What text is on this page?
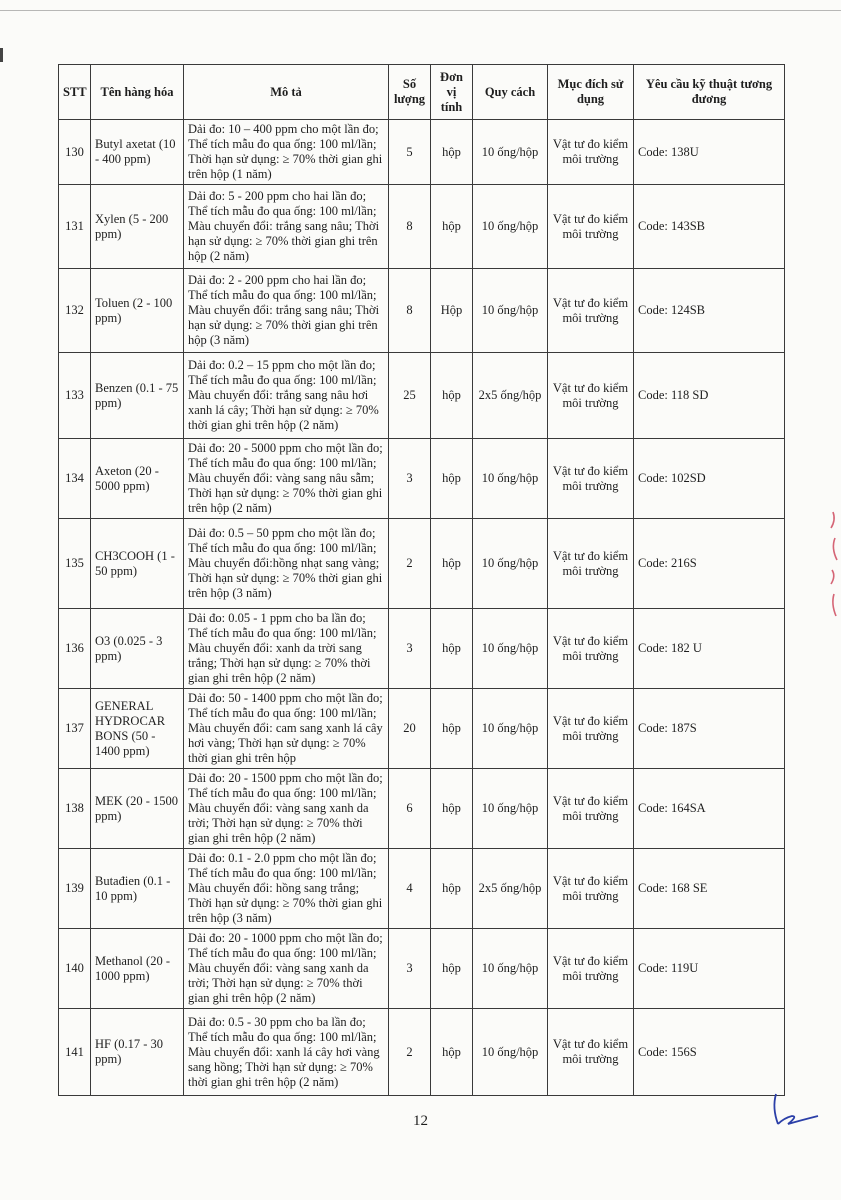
STT	Tên hàng hóa	Mô tả	Số lượng	Đơn vị tính	Quy cách	Mục đích sử dụng	Yêu cầu kỹ thuật tương đương
130	Butyl axetat (10 - 400 ppm)	Dải đo: 10 – 400 ppm cho một lần đo; Thể tích mẫu đo qua ống: 100 ml/lần; Thời hạn sử dụng: ≥ 70% thời gian ghi trên hộp (1 năm)	5	hộp	10 ống/hộp	Vật tư đo kiểm môi trường	Code: 138U
131	Xylen (5 - 200 ppm)	Dải đo: 5 - 200 ppm cho hai lần đo; Thể tích mẫu đo qua ống: 100 ml/lần; Màu chuyển đổi: trắng sang nâu; Thời hạn sử dụng: ≥ 70% thời gian ghi trên hộp (2 năm)	8	hộp	10 ống/hộp	Vật tư đo kiểm môi trường	Code: 143SB
132	Toluen (2 - 100 ppm)	Dải đo: 2 - 200 ppm cho hai lần đo; Thể tích mẫu đo qua ống: 100 ml/lần; Màu chuyển đổi: trắng sang nâu; Thời hạn sử dụng: ≥ 70% thời gian ghi trên hộp (3 năm)	8	Hộp	10 ống/hộp	Vật tư đo kiểm môi trường	Code: 124SB
133	Benzen (0.1 - 75 ppm)	Dải đo: 0.2 – 15 ppm cho một lần đo; Thể tích mẫu đo qua ống: 100 ml/lần; Màu chuyển đổi: trắng sang nâu hơi xanh lá cây; Thời hạn sử dụng: ≥ 70% thời gian ghi trên hộp (2 năm)	25	hộp	2x5 ống/hộp	Vật tư đo kiểm môi trường	Code: 118 SD
134	Axeton (20 - 5000 ppm)	Dải đo: 20 - 5000 ppm cho một lần đo; Thể tích mẫu đo qua ống: 100 ml/lần; Màu chuyển đổi: vàng sang nâu sẫm; Thời hạn sử dụng: ≥ 70% thời gian ghi trên hộp (2 năm)	3	hộp	10 ống/hộp	Vật tư đo kiểm môi trường	Code: 102SD
135	CH3COOH (1 - 50 ppm)	Dải đo: 0.5 – 50 ppm cho một lần đo; Thể tích mẫu đo qua ống: 100 ml/lần; Màu chuyển đổi:hồng nhạt sang vàng; Thời hạn sử dụng: ≥ 70% thời gian ghi trên hộp (3 năm)	2	hộp	10 ống/hộp	Vật tư đo kiểm môi trường	Code: 216S
136	O3 (0.025 - 3 ppm)	Dải đo: 0.05 - 1 ppm cho ba lần đo; Thể tích mẫu đo qua ống: 100 ml/lần; Màu chuyển đổi: xanh da trời sang trắng; Thời hạn sử dụng: ≥ 70% thời gian ghi trên hộp (2 năm)	3	hộp	10 ống/hộp	Vật tư đo kiểm môi trường	Code: 182 U
137	GENERAL HYDROCAR BONS (50 - 1400 ppm)	Dải đo: 50 - 1400 ppm cho một lần đo; Thể tích mẫu đo qua ống: 100 ml/lần; Màu chuyển đổi: cam sang xanh lá cây hơi vàng; Thời hạn sử dụng: ≥ 70% thời gian ghi trên hộp	20	hộp	10 ống/hộp	Vật tư đo kiểm môi trường	Code: 187S
138	MEK (20 - 1500 ppm)	Dải đo: 20 - 1500 ppm cho một lần đo; Thể tích mẫu đo qua ống: 100 ml/lần; Màu chuyển đổi: vàng sang xanh da trời; Thời hạn sử dụng: ≥ 70% thời gian ghi trên hộp (2 năm)	6	hộp	10 ống/hộp	Vật tư đo kiểm môi trường	Code: 164SA
139	Butađien (0.1 - 10 ppm)	Dải đo: 0.1 - 2.0 ppm cho một lần đo; Thể tích mẫu đo qua ống: 100 ml/lần; Màu chuyển đổi: hồng sang trắng; Thời hạn sử dụng: ≥ 70% thời gian ghi trên hộp (3 năm)	4	hộp	2x5 ống/hộp	Vật tư đo kiểm môi trường	Code: 168 SE
140	Methanol (20 - 1000 ppm)	Dải đo: 20 - 1000 ppm cho một lần đo; Thể tích mẫu đo qua ống: 100 ml/lần; Màu chuyển đổi: vàng sang xanh da trời; Thời hạn sử dụng: ≥ 70% thời gian ghi trên hộp (2 năm)	3	hộp	10 ống/hộp	Vật tư đo kiểm môi trường	Code: 119U
141	HF (0.17 - 30 ppm)	Dải đo: 0.5 - 30 ppm cho ba lần đo; Thể tích mẫu đo qua ống: 100 ml/lần; Màu chuyển đổi: xanh lá cây hơi vàng sang hồng; Thời hạn sử dụng: ≥ 70% thời gian ghi trên hộp (2 năm)	2	hộp	10 ống/hộp	Vật tư đo kiểm môi trường	Code: 156S
12
